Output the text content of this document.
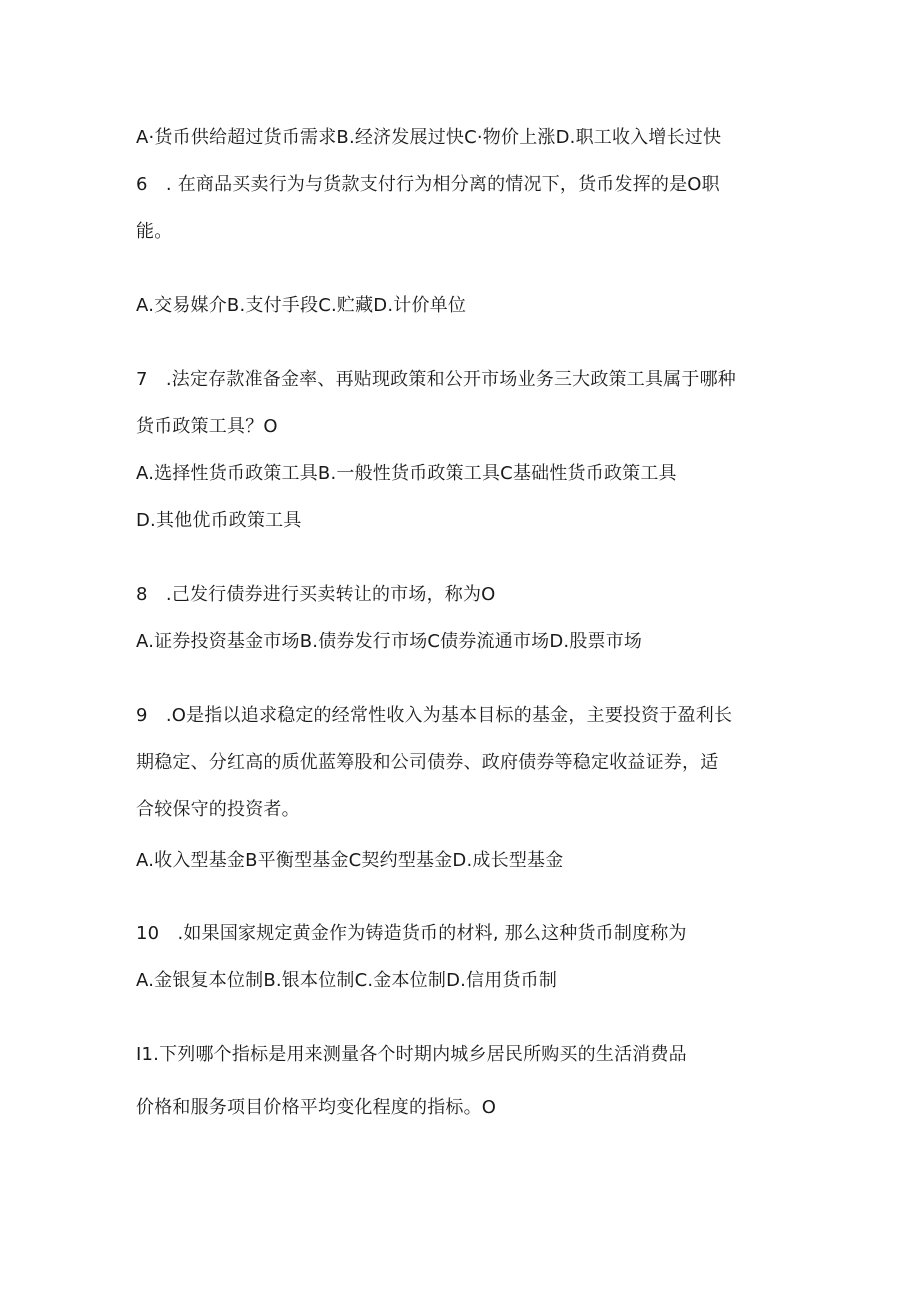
A·货币供给超过货币需求B.经济发展过快C·物价上涨D.职工收入增长过快
6　. 在商品买卖行为与货款支付行为相分离的情况下，货币发挥的是O职
能。
A.交易媒介B.支付手段C.贮藏D.计价单位
7　.法定存款准备金率、再贴现政策和公开市场业务三大政策工具属于哪种
货币政策工具？O
A.选择性货币政策工具B.一般性货币政策工具C基础性货币政策工具
D.其他优币政策工具
8　.己发行债券进行买卖转让的市场，称为O
A.证券投资基金市场B.债券发行市场C债券流通市场D.股票市场
9　.O是指以追求稳定的经常性收入为基本目标的基金，主要投资于盈利长
期稳定、分红高的质优蓝筹股和公司债券、政府债券等稳定收益证券，适
合较保守的投资者。
A.收入型基金B平衡型基金C契约型基金D.成长型基金
10　.如果国家规定黄金作为铸造货币的材料, 那么这种货币制度称为
A.金银复本位制B.银本位制C.金本位制D.信用货币制
I1.下列哪个指标是用来测量各个时期内城乡居民所购买的生活消费品
价格和服务项目价格平均变化程度的指标。O
